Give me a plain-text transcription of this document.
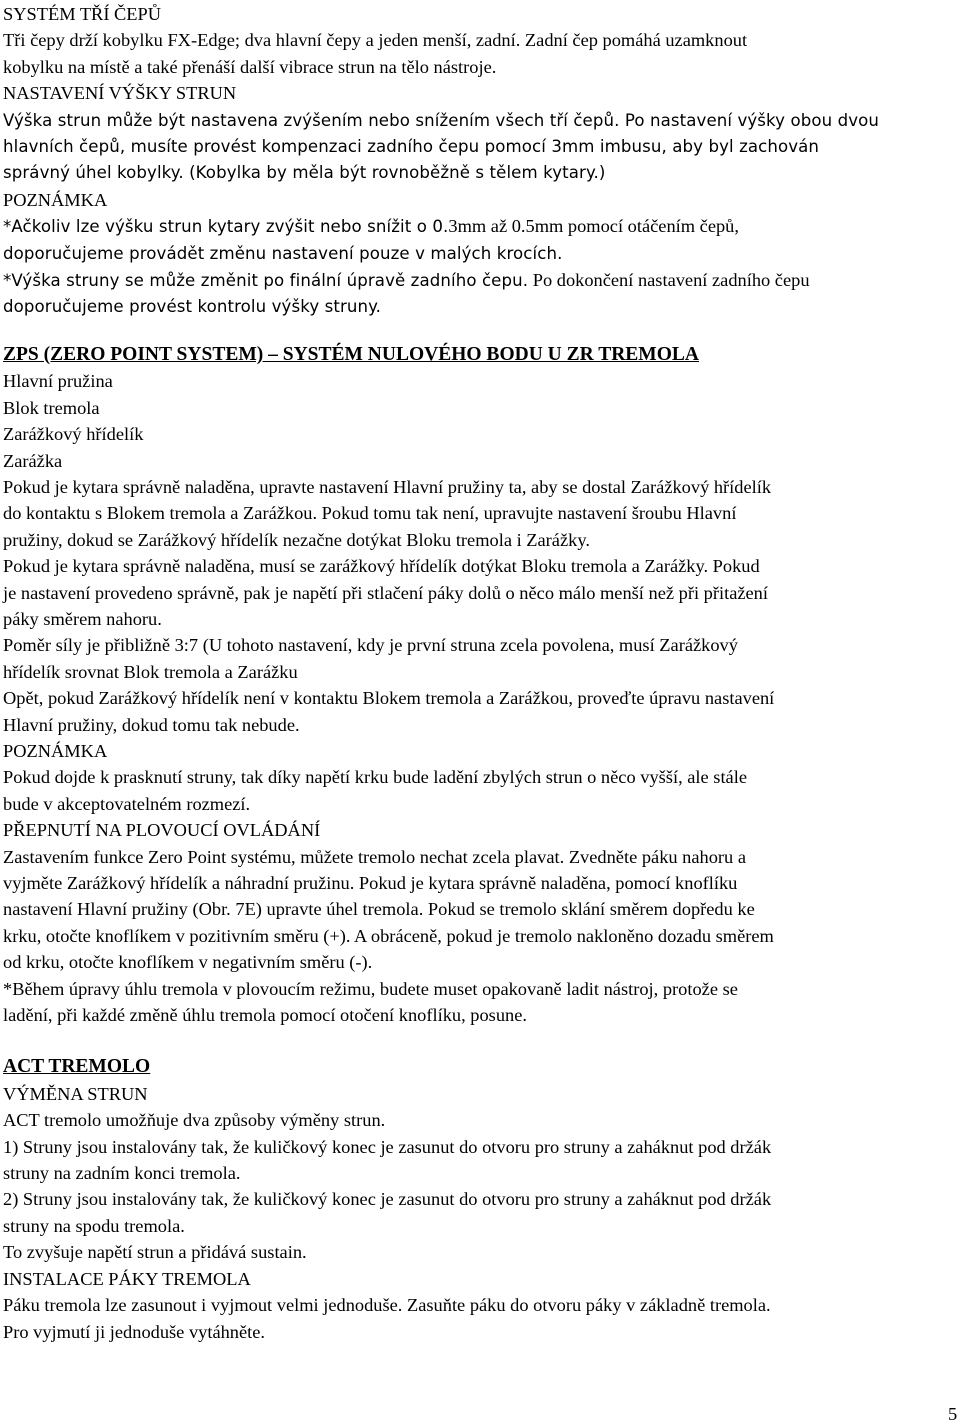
SYSTÉM TŘÍ ČEPŮ
Tři čepy drží kobylku FX-Edge; dva hlavní čepy a jeden menší, zadní. Zadní čep pomáhá uzamknout
kobylku na místě a také přenáší další vibrace strun na tělo nástroje.
NASTAVENÍ VÝŠKY STRUN
Výška strun může být nastavena zvýšením nebo snížením všech tří čepů. Po nastavení výšky obou dvou
hlavních čepů, musíte provést kompenzaci zadního čepu pomocí 3mm imbusu, aby byl zachován
správný úhel kobylky. (Kobylka by měla být rovnoběžně s tělem kytary.)
POZNÁMKA
*Ačkoliv lze výšku strun kytary zvýšit nebo snížit o 0.3mm až 0.5mm pomocí otáčením čepů,
doporučujeme provádět změnu nastavení pouze v malých krocích.
*Výška struny se může změnit po finální úpravě zadního čepu. Po dokončení nastavení zadního čepu
doporučujeme provést kontrolu výšky struny.
ZPS (ZERO POINT SYSTEM) – SYSTÉM NULOVÉHO BODU U ZR TREMOLA
Hlavní pružina
Blok tremola
Zarážkový hřídelík
Zarážka
Pokud je kytara správně naladěna, upravte nastavení Hlavní pružiny ta, aby se dostal Zarážkový hřídelík
do kontaktu s Blokem tremola a Zarážkou. Pokud tomu tak není, upravujte nastavení šroubu Hlavní
pružiny, dokud se Zarážkový hřídelík nezačne dotýkat Bloku tremola i Zarážky.
Pokud je kytara správně naladěna, musí se zarážkový hřídelík dotýkat Bloku tremola a Zarážky. Pokud
je nastavení provedeno správně, pak je napětí při stlačení páky dolů o něco málo menší než při přitažení
páky směrem nahoru.
Poměr síly je přibližně 3:7 (U tohoto nastavení, kdy je první struna zcela povolena, musí Zarážkový
hřídelík srovnat Blok tremola a Zarážku
Opět, pokud Zarážkový hřídelík není v kontaktu Blokem tremola a Zarážkou, proveďte úpravu nastavení
Hlavní pružiny, dokud tomu tak nebude.
POZNÁMKA
Pokud dojde k prasknutí struny, tak díky napětí krku bude ladění zbylých strun o něco vyšší, ale stále
bude v akceptovatelném rozmezí.
PŘEPNUTÍ NA PLOVOUCÍ OVLÁDÁNÍ
Zastavením funkce Zero Point systému, můžete tremolo nechat zcela plavat. Zvedněte páku nahoru a
vyjměte Zarážkový hřídelík a náhradní pružinu. Pokud je kytara správně naladěna, pomocí knoflíku
nastavení Hlavní pružiny (Obr. 7E) upravte úhel tremola. Pokud se tremolo sklání směrem dopředu ke
krku, otočte knoflíkem v pozitivním směru (+). A obráceně, pokud je tremolo nakloněno dozadu směrem
od krku, otočte knoflíkem v negativním směru (-).
*Během úpravy úhlu tremola v plovoucím režimu, budete muset opakovaně ladit nástroj, protože se
ladění, při každé změně úhlu tremola pomocí otočení knoflíku, posune.
ACT TREMOLO
VÝMĚNA STRUN
ACT tremolo umožňuje dva způsoby výměny strun.
1) Struny jsou instalovány tak, že kuličkový konec je zasunut do otvoru pro struny a zaháknut pod držák
struny na zadním konci tremola.
2) Struny jsou instalovány tak, že kuličkový konec je zasunut do otvoru pro struny a zaháknut pod držák
struny na spodu tremola.
To zvyšuje napětí strun a přidává sustain.
INSTALACE PÁKY TREMOLA
Páku tremola lze zasunout i vyjmout velmi jednoduše. Zasuňte páku do otvoru páky v základně tremola.
Pro vyjmutí ji jednoduše vytáhněte.
5
